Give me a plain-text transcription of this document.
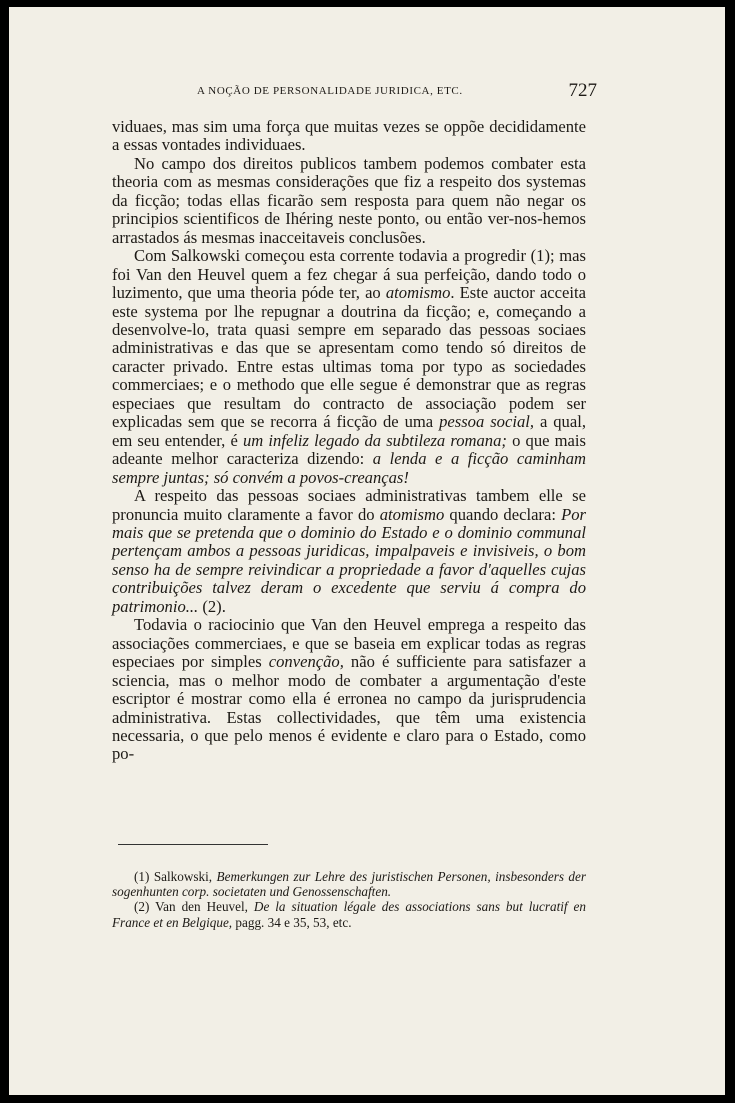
A NOÇÃO DE PERSONALIDADE JURIDICA, ETC.	727

viduaes, mas sim uma força que muitas vezes se oppõe decididamente a essas vontades individuaes.

No campo dos direitos publicos tambem podemos combater esta theoria com as mesmas considerações que fiz a respeito dos systemas da ficção; todas ellas ficarão sem resposta para quem não negar os principios scientificos de Ihéring neste ponto, ou então ver-nos-hemos arrastados ás mesmas inacceitaveis conclusões.

Com Salkowski começou esta corrente todavia a progredir (1); mas foi Van den Heuvel quem a fez chegar á sua perfeição, dando todo o luzimento, que uma theoria póde ter, ao atomismo. Este auctor acceita este systema por lhe repugnar a doutrina da ficção; e, começando a desenvolve-lo, trata quasi sempre em separado das pessoas sociaes administrativas e das que se apresentam como tendo só direitos de caracter privado. Entre estas ultimas toma por typo as sociedades commerciaes; e o methodo que elle segue é demonstrar que as regras especiaes que resultam do contracto de associação podem ser explicadas sem que se recorra á ficção de uma pessoa social, a qual, em seu entender, é um infeliz legado da subtileza romana; o que mais adeante melhor caracteriza dizendo: a lenda e a ficção caminham sempre juntas; só convém a povos-creanças!

A respeito das pessoas sociaes administrativas tambem elle se pronuncia muito claramente a favor do atomismo quando declara: Por mais que se pretenda que o dominio do Estado e o dominio communal pertençam ambos a pessoas juridicas, impalpaveis e invisiveis, o bom senso ha de sempre reivindicar a propriedade a favor d'aquelles cujas contribuições talvez deram o excedente que serviu á compra do patrimonio... (2).

Todavia o raciocinio que Van den Heuvel emprega a respeito das associações commerciaes, e que se baseia em explicar todas as regras especiaes por simples convenção, não é sufficiente para satisfazer a sciencia, mas o melhor modo de combater a argumentação d'este escriptor é mostrar como ella é erronea no campo da jurisprudencia administrativa. Estas collectividades, que têm uma existencia necessaria, o que pelo menos é evidente e claro para o Estado, como po-

(1) Salkowski, Bemerkungen zur Lehre des juristischen Personen, insbesonders der sogenhunten corp. societaten und Genossenschaften.

(2) Van den Heuvel, De la situation légale des associations sans but lucratif en France et en Belgique, pagg. 34 e 35, 53, etc.
